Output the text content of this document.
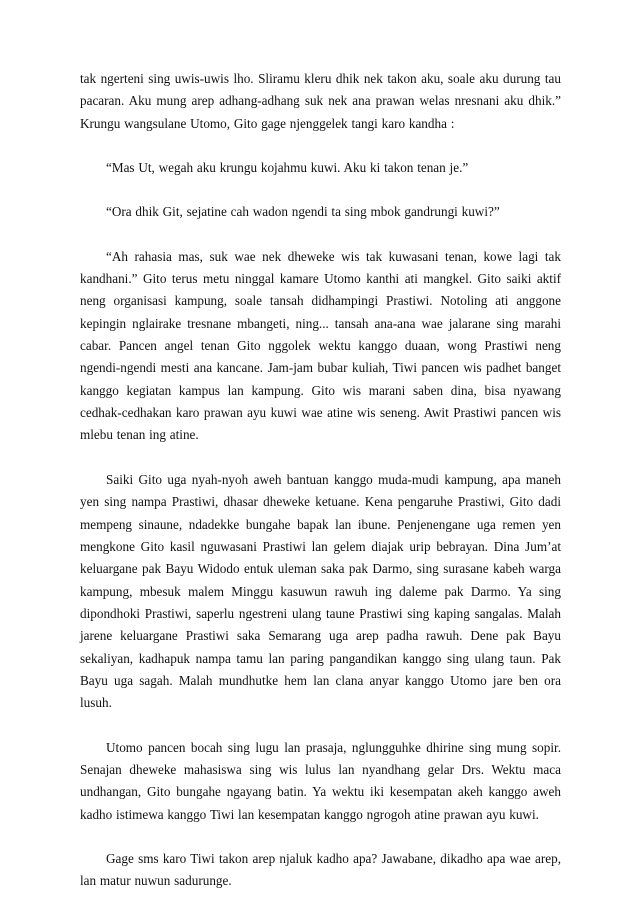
tak ngerteni sing uwis-uwis lho. Sliramu kleru dhik nek takon aku, soale aku durung tau pacaran. Aku mung arep adhang-adhang suk nek ana prawan welas nresnani aku dhik.” Krungu wangsulane Utomo, Gito gage njenggelek tangi karo kandha :

“Mas Ut, wegah aku krungu kojahmu kuwi. Aku ki takon tenan je.”

“Ora dhik Git, sejatine cah wadon ngendi ta sing mbok gandrungi kuwi?”

“Ah rahasia mas, suk wae nek dheweke wis tak kuwasani tenan, kowe lagi tak kandhani.” Gito terus metu ninggal kamare Utomo kanthi ati mangkel. Gito saiki aktif neng organisasi kampung, soale tansah didhampingi Prastiwi. Notoling ati anggone kepingin nglairake tresnane mbangeti, ning... tansah ana-ana wae jalarane sing marahi cabar. Pancen angel tenan Gito nggolek wektu kanggo duaan, wong Prastiwi neng ngendi-ngendi mesti ana kancane. Jam-jam bubar kuliah, Tiwi pancen wis padhet banget kanggo kegiatan kampus lan kampung. Gito wis marani saben dina, bisa nyawang cedhak-cedhakan karo prawan ayu kuwi wae atine wis seneng. Awit Prastiwi pancen wis mlebu tenan ing atine.

Saiki Gito uga nyah-nyoh aweh bantuan kanggo muda-mudi kampung, apa maneh yen sing nampa Prastiwi, dhasar dheweke ketuane. Kena pengaruhe Prastiwi, Gito dadi mempeng sinaune, ndadekke bungahe bapak lan ibune. Penjenengane uga remen yen mengkone Gito kasil nguwasani Prastiwi lan gelem diajak urip bebrayan. Dina Jum’at keluargane pak Bayu Widodo entuk uleman saka pak Darmo, sing surasane kabeh warga kampung, mbesuk malem Minggu kasuwun rawuh ing daleme pak Darmo. Ya sing dipondhoki Prastiwi, saperlu ngestreni ulang taune Prastiwi sing kaping sangalas. Malah jarene keluargane Prastiwi saka Semarang uga arep padha rawuh. Dene pak Bayu sekaliyan, kadhapuk nampa tamu lan paring pangandikan kanggo sing ulang taun. Pak Bayu uga sagah. Malah mundhutke hem lan clana anyar kanggo Utomo jare ben ora lusuh.

Utomo pancen bocah sing lugu lan prasaja, nglungguhke dhirine sing mung sopir. Senajan dheweke mahasiswa sing wis lulus lan nyandhang gelar Drs. Wektu maca undhangan, Gito bungahe ngayang batin. Ya wektu iki kesempatan akeh kanggo aweh kadho istimewa kanggo Tiwi lan kesempatan kanggo ngrogoh atine prawan ayu kuwi.

Gage sms karo Tiwi takon arep njaluk kadho apa? Jawabane, dikadho apa wae arep, lan matur nuwun sadurunge.
